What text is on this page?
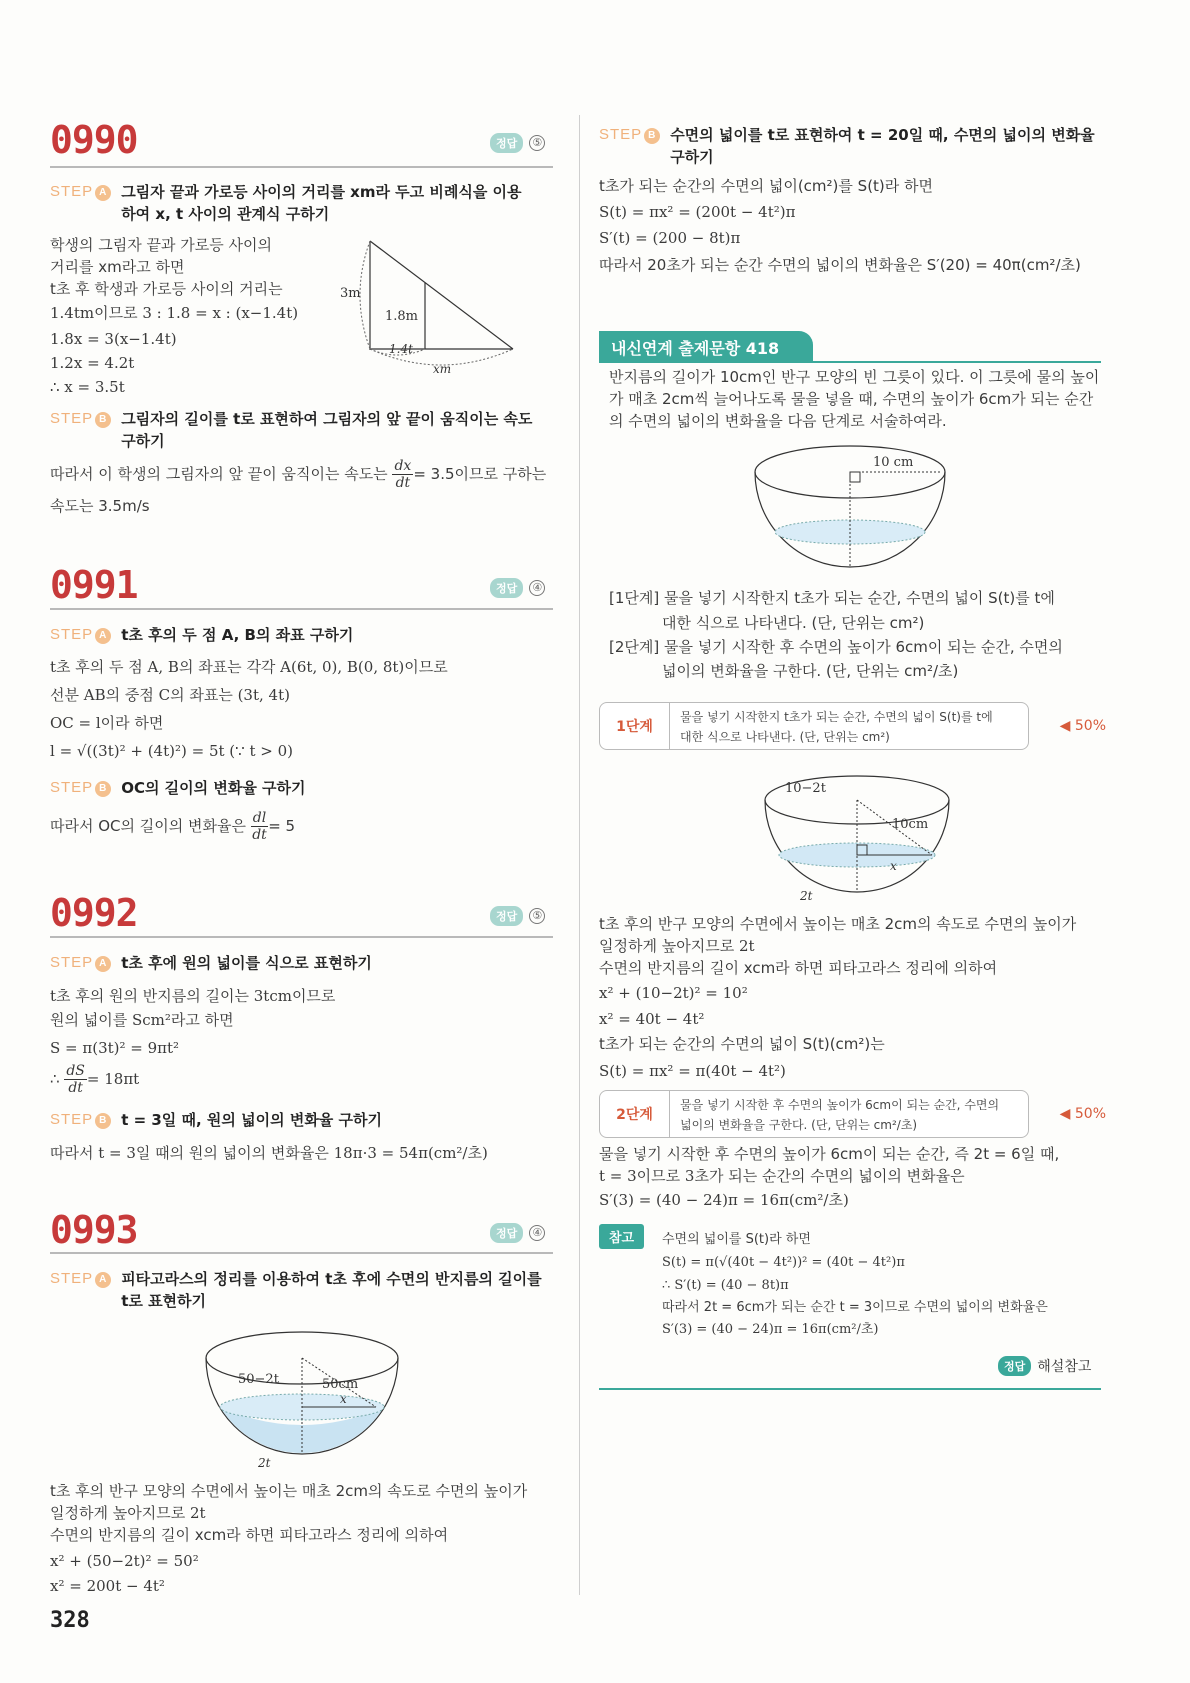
0990	정답	⑤
STEP A 그림자 끝과 가로등 사이의 거리를 xm라 두고 비례식을 이용
하여 x, t 사이의 관계식 구하기
학생의 그림자 끝과 가로등 사이의
거리를 xm라고 하면
t초 후 학생과 가로등 사이의 거리는
1.4tm이므로 3 : 1.8 = x : (x−1.4t)
1.8x = 3(x−1.4t)
1.2x = 4.2t
∴ x = 3.5t
3m
1.8m
1.4t
xm
STEP B 그림자의 길이를 t로 표현하여 그림자의 앞 끝이 움직이는 속도
구하기
따라서 이 학생의 그림자의 앞 끝이 움직이는 속도는 $\frac{dx}{dt} = 3.5$이므로 구하는
속도는 3.5m/s
0991	정답	④
STEP A t초 후의 두 점 A, B의 좌표 구하기
t초 후의 두 점 A, B의 좌표는 각각 A(6t, 0), B(0, 8t)이므로
선분 AB의 중점 C의 좌표는 (3t, 4t)
OC = l이라 하면
l = √((3t)² + (4t)²) = 5t (∵ t > 0)
STEP B OC의 길이의 변화율 구하기
따라서 OC의 길이의 변화율은 $\frac{dl}{dt} = 5$
0992	정답	⑤
STEP A t초 후에 원의 넓이를 식으로 표현하기
t초 후의 원의 반지름의 길이는 3tcm이므로
원의 넓이를 Scm²라고 하면
S = π(3t)² = 9πt²
∴ $\frac{dS}{dt} = 18\pi t$
STEP B t = 3일 때, 원의 넓이의 변화율 구하기
따라서 t = 3일 때의 원의 넓이의 변화율은 18π·3 = 54π(cm²/초)
0993	정답	④
STEP A 피타고라스의 정리를 이용하여 t초 후에 수면의 반지름의 길이를
t로 표현하기
50−2t	50cm
x
2t
t초 후의 반구 모양의 수면에서 높이는 매초 2cm의 속도로 수면의 높이가
일정하게 높아지므로 2t
수면의 반지름의 길이 xcm라 하면 피타고라스 정리에 의하여
x² + (50−2t)² = 50²
x² = 200t − 4t²
328
STEP B 수면의 넓이를 t로 표현하여 t = 20일 때, 수면의 넓이의 변화율
구하기
t초가 되는 순간의 수면의 넓이(cm²)를 S(t)라 하면
S(t) = πx² = (200t − 4t²)π
S′(t) = (200 − 8t)π
따라서 20초가 되는 순간 수면의 넓이의 변화율은 S′(20) = 40π(cm²/초)
내신연계 출제문항 418
반지름의 길이가 10cm인 반구 모양의 빈 그릇이 있다. 이 그릇에 물의 높이
가 매초 2cm씩 늘어나도록 물을 넣을 때, 수면의 높이가 6cm가 되는 순간
의 수면의 넓이의 변화율을 다음 단계로 서술하여라.
10 cm
[1단계] 물을 넣기 시작한지 t초가 되는 순간, 수면의 넓이 S(t)를 t에
대한 식으로 나타낸다. (단, 단위는 cm²)
[2단계] 물을 넣기 시작한 후 수면의 높이가 6cm이 되는 순간, 수면의
넓이의 변화율을 구한다. (단, 단위는 cm²/초)
1단계
물을 넣기 시작한지 t초가 되는 순간, 수면의 넓이 S(t)를 t에
대한 식으로 나타낸다. (단, 단위는 cm²)
◀ 50%
10−2t
10cm
x
2t
t초 후의 반구 모양의 수면에서 높이는 매초 2cm의 속도로 수면의 높이가
일정하게 높아지므로 2t
수면의 반지름의 길이 xcm라 하면 피타고라스 정리에 의하여
x² + (10−2t)² = 10²
x² = 40t − 4t²
t초가 되는 순간의 수면의 넓이 S(t)(cm²)는
S(t) = πx² = π(40t − 4t²)
2단계
물을 넣기 시작한 후 수면의 높이가 6cm이 되는 순간, 수면의
넓이의 변화율을 구한다. (단, 단위는 cm²/초)
◀ 50%
물을 넣기 시작한 후 수면의 높이가 6cm이 되는 순간, 즉 2t = 6일 때,
t = 3이므로 3초가 되는 순간의 수면의 넓이의 변화율은
S′(3) = (40 − 24)π = 16π(cm²/초)
참고	수면의 넓이를 S(t)라 하면
S(t) = π(√(40t − 4t²))² = (40t − 4t²)π
∴ S′(t) = (40 − 8t)π
따라서 2t = 6cm가 되는 순간 t = 3이므로 수면의 넓이의 변화율은
S′(3) = (40 − 24)π = 16π(cm²/초)
정답 해설참고
